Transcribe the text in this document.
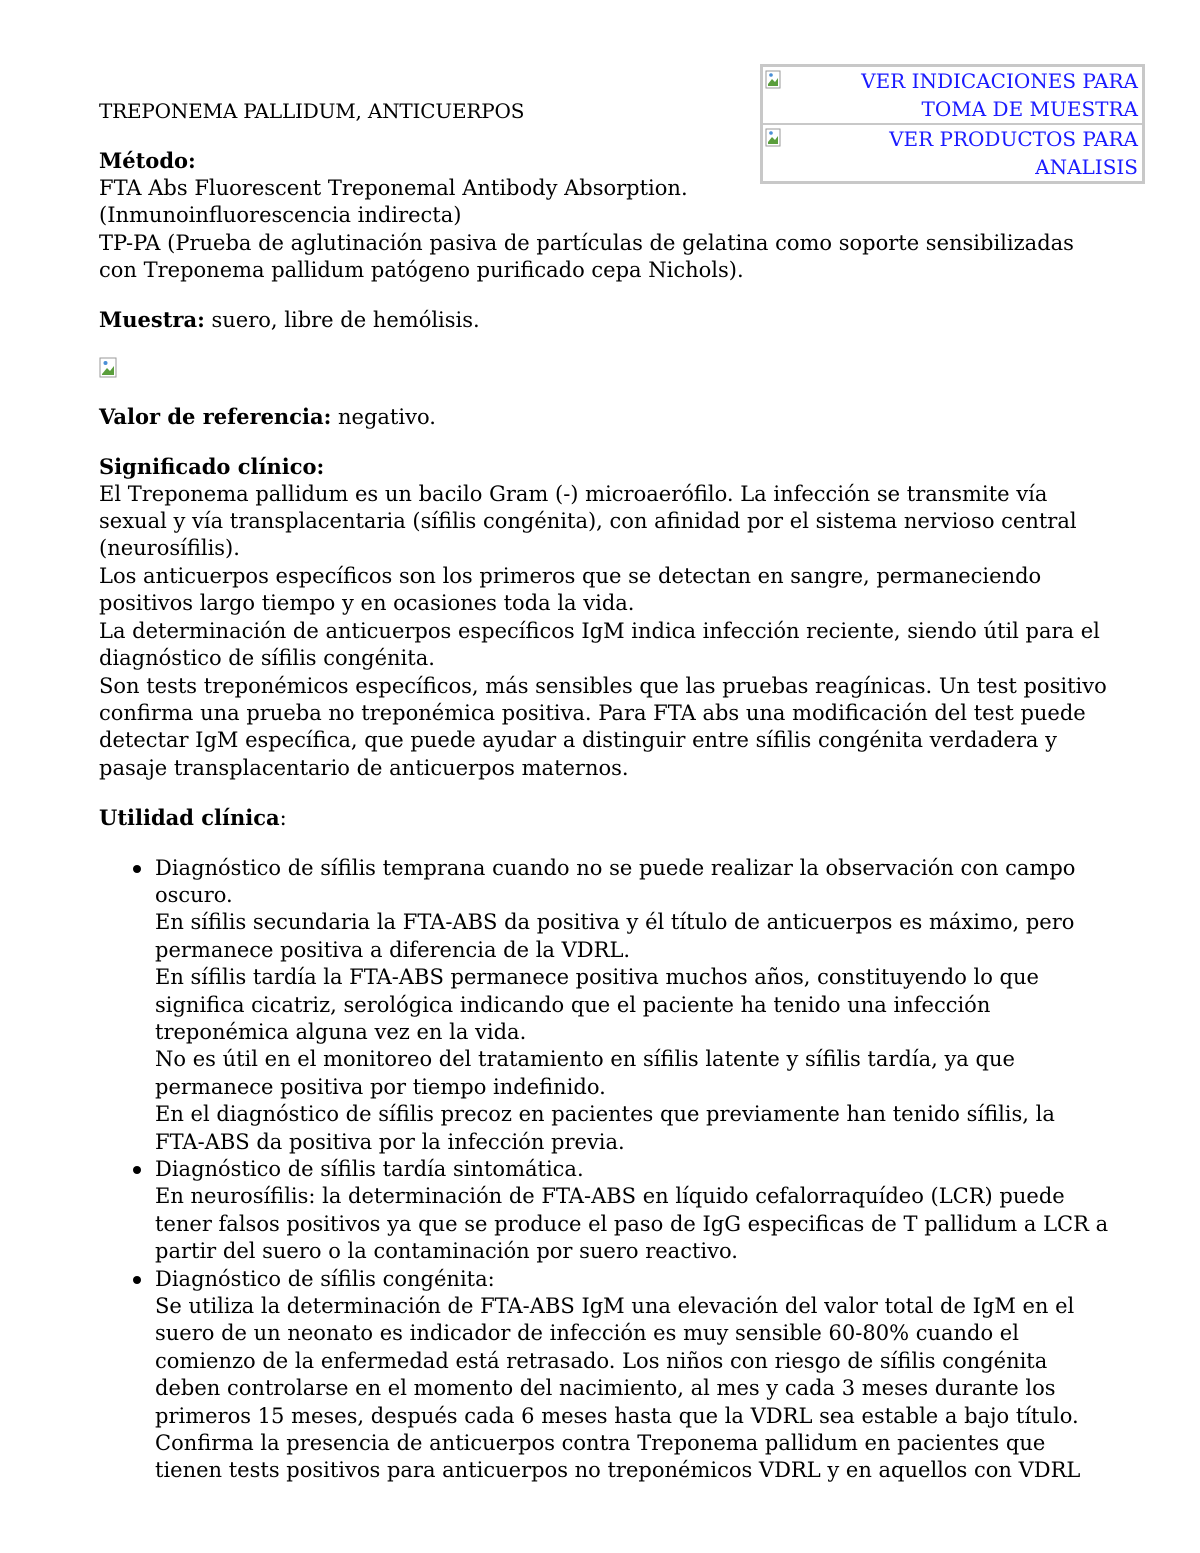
VER INDICACIONES PARA TOMA DE MUESTRA
VER PRODUCTOS PARA ANALISIS

TREPONEMA PALLIDUM, ANTICUERPOS

Método:
FTA Abs Fluorescent Treponemal Antibody Absorption.
(Inmunoinfluorescencia indirecta)
TP-PA (Prueba de aglutinación pasiva de partículas de gelatina como soporte sensibilizadas con Treponema pallidum patógeno purificado cepa Nichols).

Muestra: suero, libre de hemólisis.

Valor de referencia: negativo.

Significado clínico:
El Treponema pallidum es un bacilo Gram (-) microaerófilo. La infección se transmite vía sexual y vía transplacentaria (sífilis congénita), con afinidad por el sistema nervioso central (neurosífilis).
Los anticuerpos específicos son los primeros que se detectan en sangre, permaneciendo positivos largo tiempo y en ocasiones toda la vida.
La determinación de anticuerpos específicos IgM indica infección reciente, siendo útil para el diagnóstico de sífilis congénita.
Son tests treponémicos específicos, más sensibles que las pruebas reagínicas. Un test positivo confirma una prueba no treponémica positiva. Para FTA abs una modificación del test puede detectar IgM específica, que puede ayudar a distinguir entre sífilis congénita verdadera y pasaje transplacentario de anticuerpos maternos.

Utilidad clínica:

Diagnóstico de sífilis temprana cuando no se puede realizar la observación con campo oscuro.
En sífilis secundaria la FTA-ABS da positiva y él título de anticuerpos es máximo, pero permanece positiva a diferencia de la VDRL.
En sífilis tardía la FTA-ABS permanece positiva muchos años, constituyendo lo que significa cicatriz, serológica indicando que el paciente ha tenido una infección treponémica alguna vez en la vida.
No es útil en el monitoreo del tratamiento en sífilis latente y sífilis tardía, ya que permanece positiva por tiempo indefinido.
En el diagnóstico de sífilis precoz en pacientes que previamente han tenido sífilis, la FTA-ABS da positiva por la infección previa.
Diagnóstico de sífilis tardía sintomática.
En neurosífilis: la determinación de FTA-ABS en líquido cefalorraquídeo (LCR) puede tener falsos positivos ya que se produce el paso de IgG especificas de T pallidum a LCR a partir del suero o la contaminación por suero reactivo.
Diagnóstico de sífilis congénita:
Se utiliza la determinación de FTA-ABS IgM una elevación del valor total de IgM en el suero de un neonato es indicador de infección es muy sensible 60-80% cuando el comienzo de la enfermedad está retrasado. Los niños con riesgo de sífilis congénita deben controlarse en el momento del nacimiento, al mes y cada 3 meses durante los primeros 15 meses, después cada 6 meses hasta que la VDRL sea estable a bajo título.
Confirma la presencia de anticuerpos contra Treponema pallidum en pacientes que tienen tests positivos para anticuerpos no treponémicos VDRL y en aquellos con VDRL
